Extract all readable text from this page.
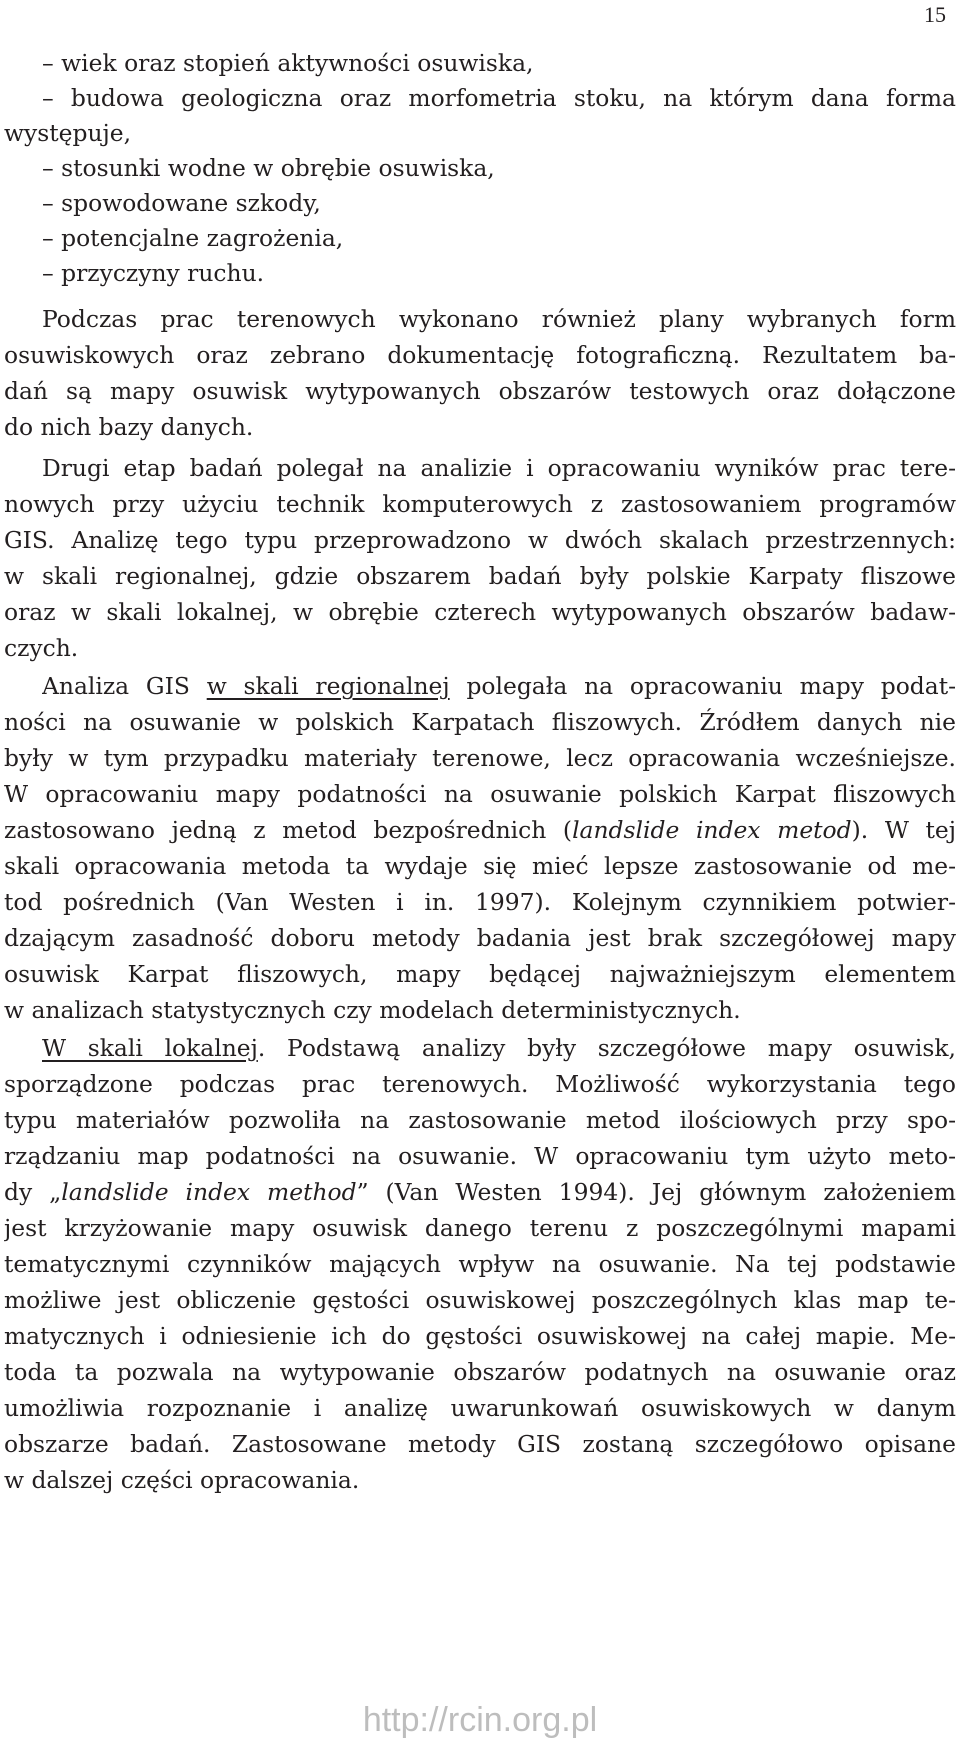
15
– wiek oraz stopień aktywności osuwiska,
– budowa geologiczna oraz morfometria stoku, na którym dana forma
występuje,
– stosunki wodne w obrębie osuwiska,
– spowodowane szkody,
– potencjalne zagrożenia,
– przyczyny ruchu.
Podczas prac terenowych wykonano również plany wybranych form
osuwiskowych oraz zebrano dokumentację fotograficzną. Rezultatem ba-
dań są mapy osuwisk wytypowanych obszarów testowych oraz dołączone
do nich bazy danych.
Drugi etap badań polegał na analizie i opracowaniu wyników prac tere-
nowych przy użyciu technik komputerowych z zastosowaniem programów
GIS. Analizę tego typu przeprowadzono w dwóch skalach przestrzennych:
w skali regionalnej, gdzie obszarem badań były polskie Karpaty fliszowe
oraz w skali lokalnej, w obrębie czterech wytypowanych obszarów badaw-
czych.
Analiza GIS w skali regionalnej polegała na opracowaniu mapy podat-
ności na osuwanie w polskich Karpatach fliszowych. Źródłem danych nie
były w tym przypadku materiały terenowe, lecz opracowania wcześniejsze.
W opracowaniu mapy podatności na osuwanie polskich Karpat fliszowych
zastosowano jedną z metod bezpośrednich (landslide index metod). W tej
skali opracowania metoda ta wydaje się mieć lepsze zastosowanie od me-
tod pośrednich (Van Westen i in. 1997). Kolejnym czynnikiem potwier-
dzającym zasadność doboru metody badania jest brak szczegółowej mapy
osuwisk Karpat fliszowych, mapy będącej najważniejszym elementem
w analizach statystycznych czy modelach deterministycznych.
W skali lokalnej. Podstawą analizy były szczegółowe mapy osuwisk,
sporządzone podczas prac terenowych. Możliwość wykorzystania tego
typu materiałów pozwoliła na zastosowanie metod ilościowych przy spo-
rządzaniu map podatności na osuwanie. W opracowaniu tym użyto meto-
dy „landslide index method” (Van Westen 1994). Jej głównym założeniem
jest krzyżowanie mapy osuwisk danego terenu z poszczególnymi mapami
tematycznymi czynników mających wpływ na osuwanie. Na tej podstawie
możliwe jest obliczenie gęstości osuwiskowej poszczególnych klas map te-
matycznych i odniesienie ich do gęstości osuwiskowej na całej mapie. Me-
toda ta pozwala na wytypowanie obszarów podatnych na osuwanie oraz
umożliwia rozpoznanie i analizę uwarunkowań osuwiskowych w danym
obszarze badań. Zastosowane metody GIS zostaną szczegółowo opisane
w dalszej części opracowania.
http://rcin.org.pl
